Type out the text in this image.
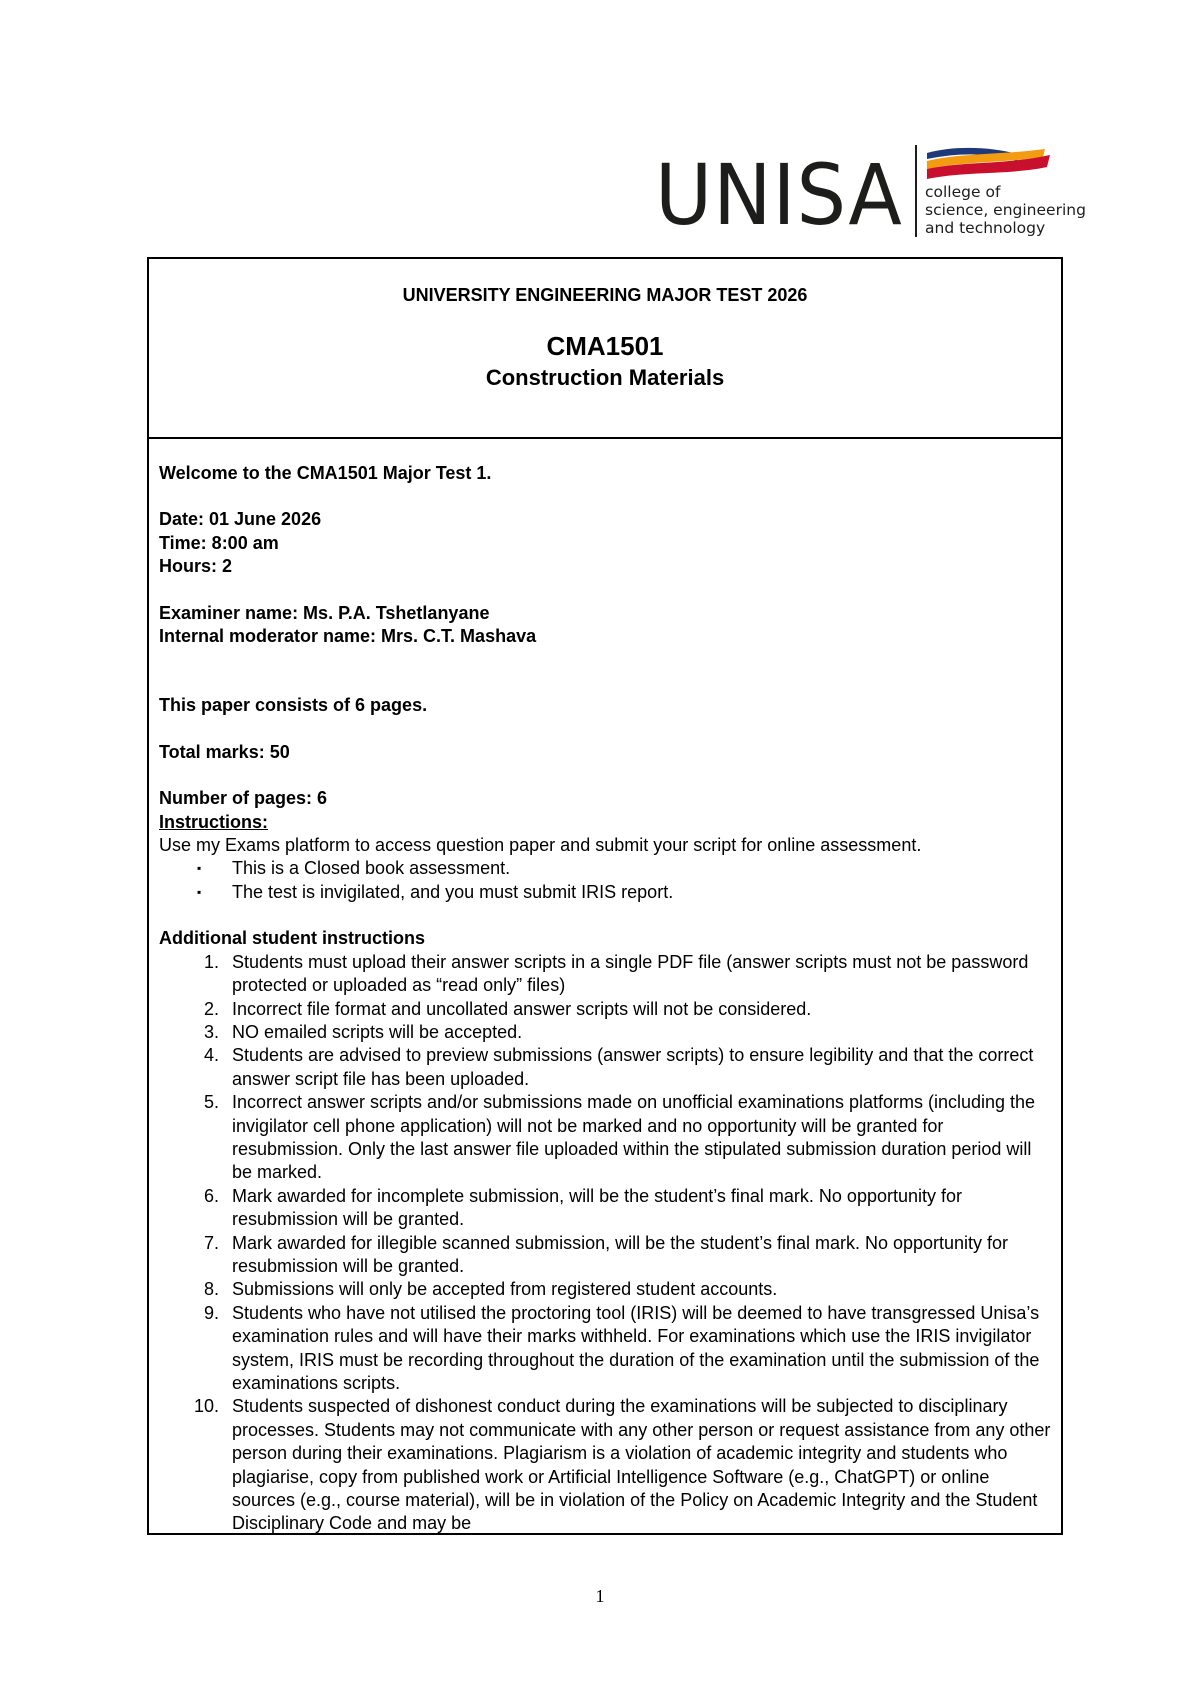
UNISA college of
science, engineering
and technology
UNIVERSITY ENGINEERING MAJOR TEST 2026
CMA1501
Construction Materials
Welcome to the CMA1501 Major Test 1.
Date: 01 June 2026
Time: 8:00 am
Hours: 2
Examiner name: Ms. P.A. Tshetlanyane
Internal moderator name: Mrs. C.T. Mashava
This paper consists of 6 pages.
Total marks: 50
Number of pages: 6
Instructions:
Use my Exams platform to access question paper and submit your script for online assessment.
▪ This is a Closed book assessment.
▪ The test is invigilated, and you must submit IRIS report.
Additional student instructions
1. Students must upload their answer scripts in a single PDF file (answer scripts must not be password protected or uploaded as “read only” files)
2. Incorrect file format and uncollated answer scripts will not be considered.
3. NO emailed scripts will be accepted.
4. Students are advised to preview submissions (answer scripts) to ensure legibility and that the correct answer script file has been uploaded.
5. Incorrect answer scripts and/or submissions made on unofficial examinations platforms (including the invigilator cell phone application) will not be marked and no opportunity will be granted for resubmission. Only the last answer file uploaded within the stipulated submission duration period will be marked.
6. Mark awarded for incomplete submission, will be the student’s final mark. No opportunity for resubmission will be granted.
7. Mark awarded for illegible scanned submission, will be the student’s final mark. No opportunity for resubmission will be granted.
8. Submissions will only be accepted from registered student accounts.
9. Students who have not utilised the proctoring tool (IRIS) will be deemed to have transgressed Unisa’s examination rules and will have their marks withheld. For examinations which use the IRIS invigilator system, IRIS must be recording throughout the duration of the examination until the submission of the examinations scripts.
10. Students suspected of dishonest conduct during the examinations will be subjected to disciplinary processes. Students may not communicate with any other person or request assistance from any other person during their examinations. Plagiarism is a violation of academic integrity and students who plagiarise, copy from published work or Artificial Intelligence Software (e.g., ChatGPT) or online sources (e.g., course material), will be in violation of the Policy on Academic Integrity and the Student Disciplinary Code and may be
1
